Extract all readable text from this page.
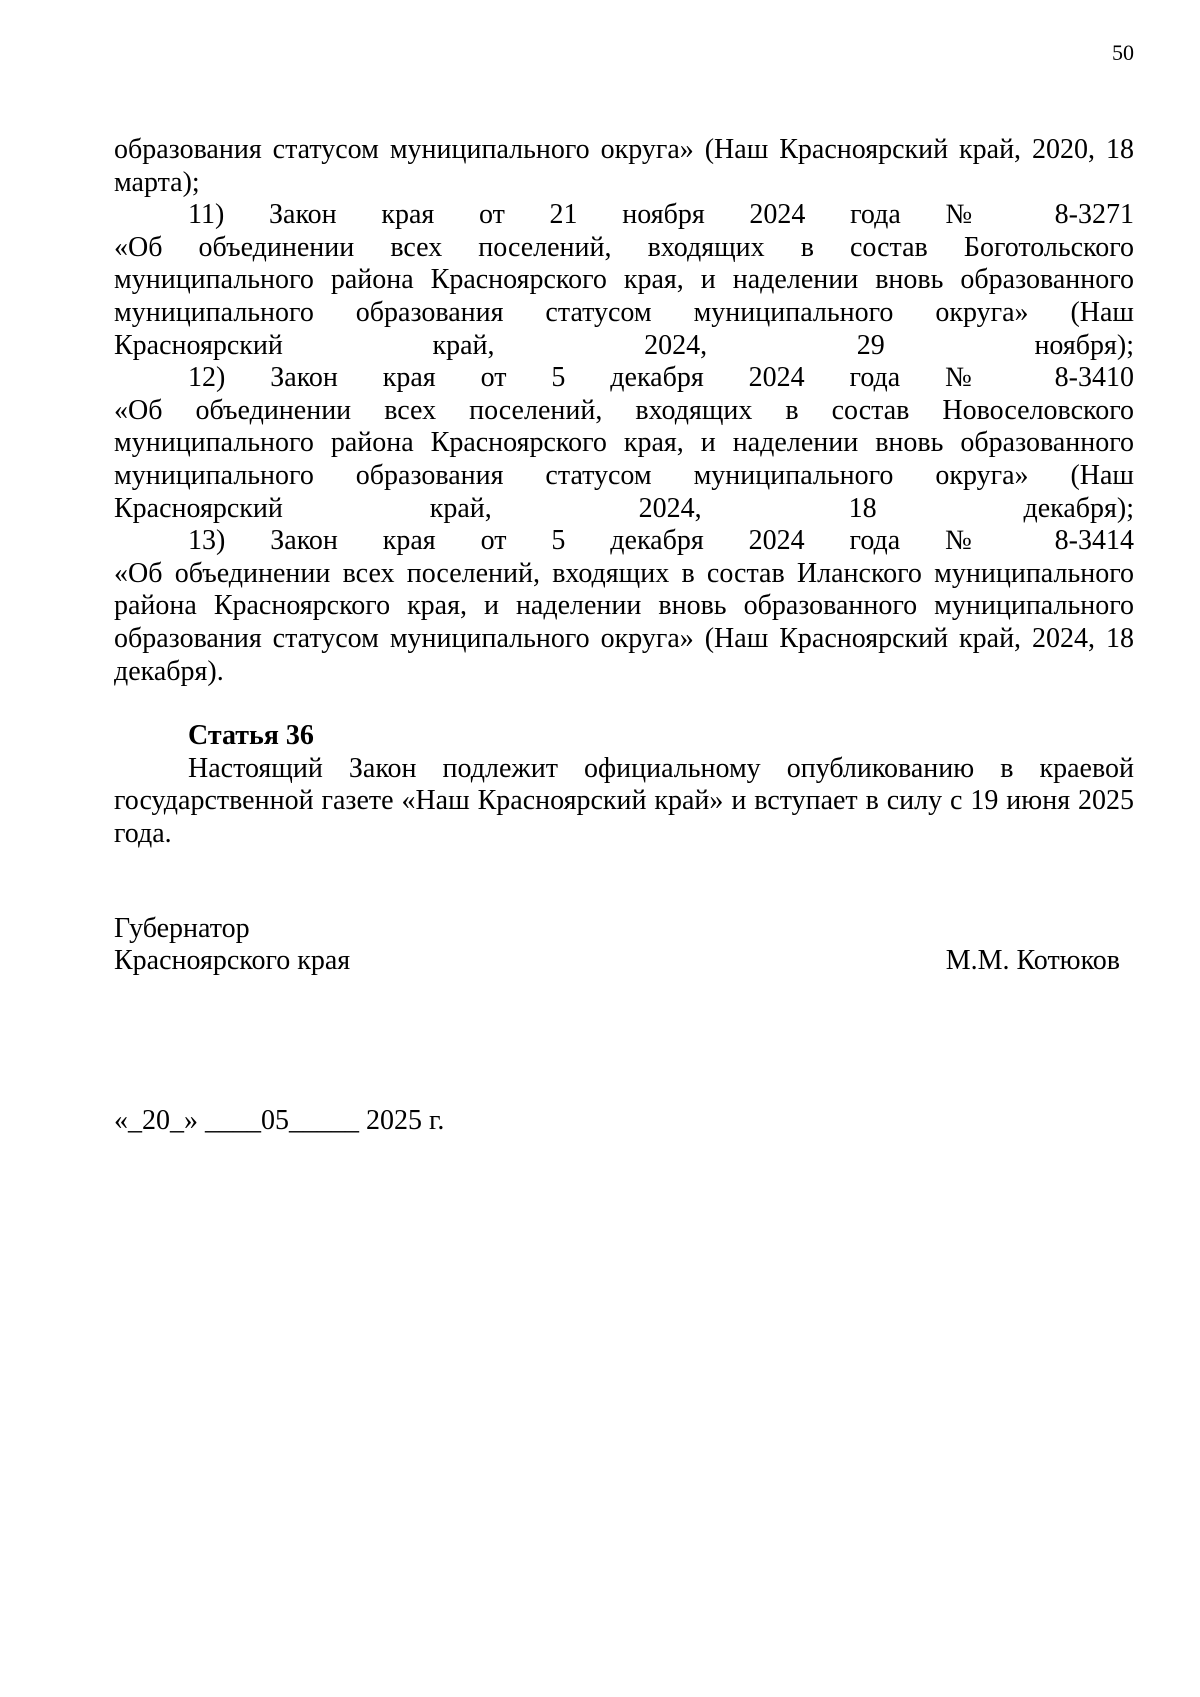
50

образования статусом муниципального округа» (Наш Красноярский край, 2020, 18 марта);

11) Закон края от 21 ноября 2024 года № 8-3271
«Об объединении всех поселений, входящих в состав Боготольского муниципального района Красноярского края, и наделении вновь образованного муниципального образования статусом муниципального округа» (Наш Красноярский край, 2024, 29 ноября);

12) Закон края от 5 декабря 2024 года № 8-3410
«Об объединении всех поселений, входящих в состав Новоселовского муниципального района Красноярского края, и наделении вновь образованного муниципального образования статусом муниципального округа» (Наш Красноярский край, 2024, 18 декабря);

13) Закон края от 5 декабря 2024 года № 8-3414
«Об объединении всех поселений, входящих в состав Иланского муниципального района Красноярского края, и наделении вновь образованного муниципального образования статусом муниципального округа» (Наш Красноярский край, 2024, 18 декабря).

Статья 36

Настоящий Закон подлежит официальному опубликованию в краевой государственной газете «Наш Красноярский край» и вступает в силу с 19 июня 2025 года.

Губернатор
Красноярского края	М.М. Котюков
«_20_» ____05_____ 2025 г.
